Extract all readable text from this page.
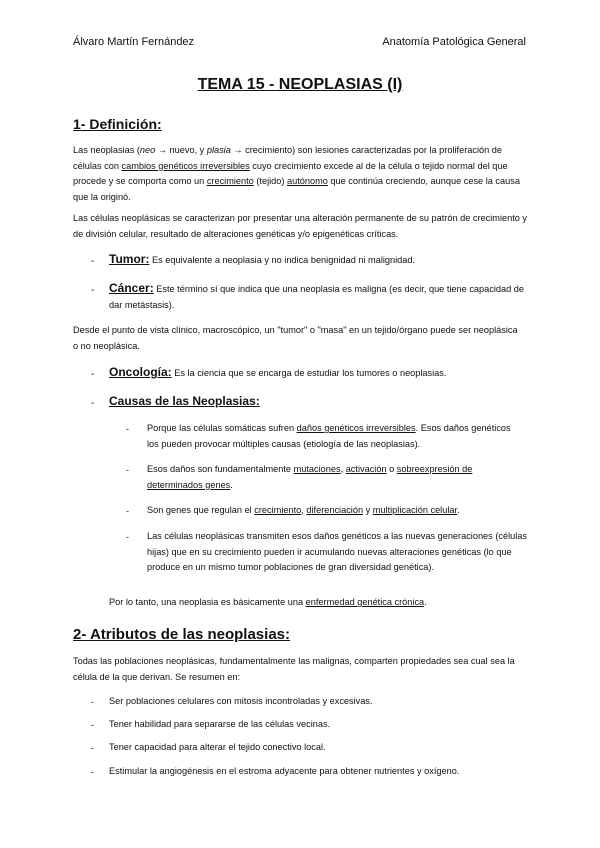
Álvaro Martín Fernández	Anatomía Patológica General
TEMA 15 - NEOPLASIAS (I)
1- Definición:

Las neoplasias (neo → nuevo, y plasia → crecimiento) son lesiones caracterizadas por la proliferación de células con cambios genéticos irreversibles cuyo crecimiento excede al de la célula o tejido normal del que procede y se comporta como un crecimiento (tejido) autónomo que continúa creciendo, aunque cese la causa que la originó.

Las células neoplásicas se caracterizan por presentar una alteración permanente de su patrón de crecimiento y de división celular, resultado de alteraciones genéticas y/o epigenéticas críticas.

- Tumor: Es equivalente a neoplasia y no indica benignidad ni malignidad.

- Cáncer: Este término sí que indica que una neoplasia es maligna (es decir, que tiene capacidad de dar metástasis).

Desde el punto de vista clínico, macroscópico, un "tumor" o "masa" en un tejido/órgano puede ser neoplásica o no neoplásica.

- Oncología: Es la ciencia que se encarga de estudiar los tumores o neoplasias.

- Causas de las Neoplasias:

- Porque las células somáticas sufren daños genéticos irreversibles. Esos daños genéticos los pueden provocar múltiples causas (etiología de las neoplasias).

- Esos daños son fundamentalmente mutaciones, activación o sobreexpresión de determinados genes.

- Son genes que regulan el crecimiento, diferenciación y multiplicación celular.

- Las células neoplásicas transmiten esos daños genéticos a las nuevas generaciones (células hijas) que en su crecimiento pueden ir acumulando nuevas alteraciones genéticas (lo que produce en un mismo tumor poblaciones de gran diversidad genética).

Por lo tanto, una neoplasia es básicamente una enfermedad genética crónica.

2- Atributos de las neoplasias:

Todas las poblaciones neoplásicas, fundamentalmente las malignas, comparten propiedades sea cual sea la célula de la que derivan. Se resumen en:

- Ser poblaciones celulares con mitosis incontroladas y excesivas.

- Tener habilidad para separarse de las células vecinas.

- Tener capacidad para alterar el tejido conectivo local.

- Estimular la angiogénesis en el estroma adyacente para obtener nutrientes y oxígeno.
